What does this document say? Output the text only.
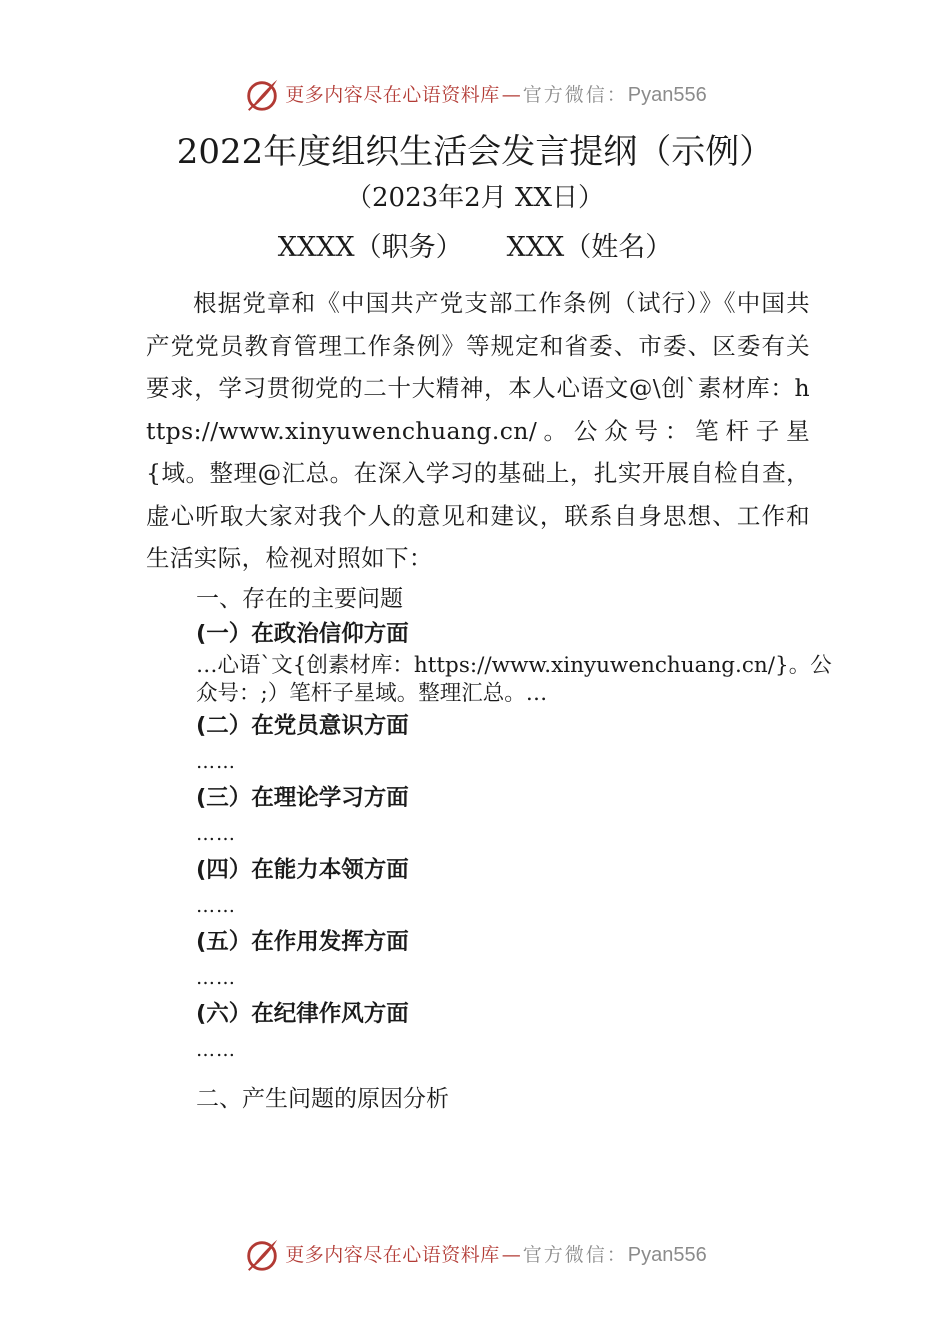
更多内容尽在心语资料库 — 官方微信： Pyan556
2022年度组织生活会发言提纲（示例）
（2023年2月 XX日）
XXXX（职务） XXX（姓名）

根据党章和《中国共产党支部工作条例（试行）》《中国共产党党员教育管理工作条例》等规定和省委、市委、区委有关要求，学习贯彻党的二十大精神，本人心语文@\创`素材库：https://www.xinyuwenchuang.cn/。公众号：笔杆子星{域。整理@汇总。在深入学习的基础上，扎实开展自检自查，虚心听取大家对我个人的意见和建议，联系自身思想、工作和生活实际，检视对照如下：

一、存在的主要问题

(一）在政治信仰方面

…心语`文{创素材库：https://www.xinyuwenchuang.cn/}。公众号：;）笔杆子星域。整理汇总。…

(二）在党员意识方面

……

(三）在理论学习方面

……

(四）在能力本领方面

……

(五）在作用发挥方面

……

(六）在纪律作风方面

……

二、产生问题的原因分析

更多内容尽在心语资料库 — 官方微信： Pyan556
